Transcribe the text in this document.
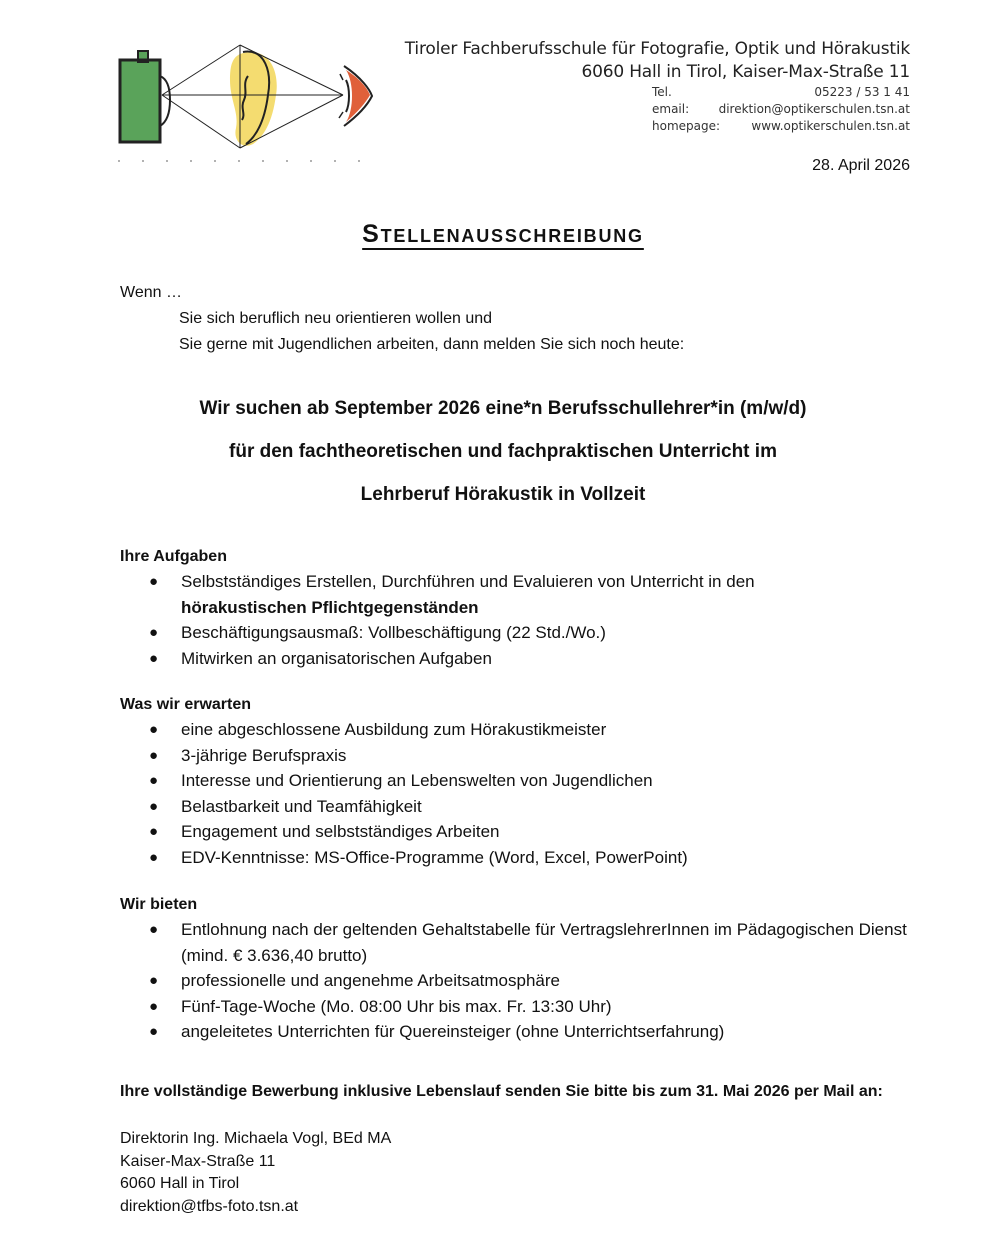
Tiroler Fachberufsschule für Fotografie, Optik und Hörakustik
6060 Hall in Tirol, Kaiser-Max-Straße 11
Tel.	05223 / 53 1 41
email: direktion@optikerschulen.tsn.at
homepage:	www.optikerschulen.tsn.at
28. April 2026
Stellenausschreibung
Wenn …
Sie sich beruflich neu orientieren wollen und
Sie gerne mit Jugendlichen arbeiten, dann melden Sie sich noch heute:
Wir suchen ab September 2026 eine*n Berufsschullehrer*in (m/w/d)
für den fachtheoretischen und fachpraktischen Unterricht im
Lehrberuf Hörakustik in Vollzeit
Ihre Aufgaben
● Selbstständiges Erstellen, Durchführen und Evaluieren von Unterricht in den
hörakustischen Pflichtgegenständen
● Beschäftigungsausmaß: Vollbeschäftigung (22 Std./Wo.)
● Mitwirken an organisatorischen Aufgaben
Was wir erwarten
● eine abgeschlossene Ausbildung zum Hörakustikmeister
● 3-jährige Berufspraxis
● Interesse und Orientierung an Lebenswelten von Jugendlichen
● Belastbarkeit und Teamfähigkeit
● Engagement und selbstständiges Arbeiten
● EDV-Kenntnisse: MS-Office-Programme (Word, Excel, PowerPoint)
Wir bieten
● Entlohnung nach der geltenden Gehaltstabelle für VertragslehrerInnen im Pädagogischen Dienst (mind. € 3.636,40 brutto)
● professionelle und angenehme Arbeitsatmosphäre
● Fünf-Tage-Woche (Mo. 08:00 Uhr bis max. Fr. 13:30 Uhr)
● angeleitetes Unterrichten für Quereinsteiger (ohne Unterrichtserfahrung)
Ihre vollständige Bewerbung inklusive Lebenslauf senden Sie bitte bis zum 31. Mai 2026 per Mail an:
Direktorin Ing. Michaela Vogl, BEd MA
Kaiser-Max-Straße 11
6060 Hall in Tirol
direktion@tfbs-foto.tsn.at
